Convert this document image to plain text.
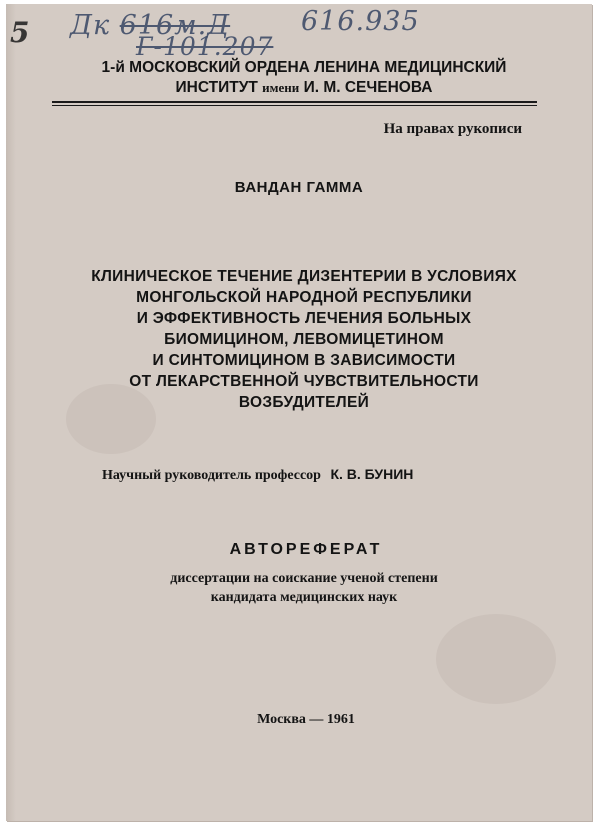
5 Дк 616м.Д	616.935
Г-101.207
1-й МОСКОВСКИЙ ОРДЕНА ЛЕНИНА МЕДИЦИНСКИЙ
ИНСТИТУТ имени И. М. СЕЧЕНОВА
На правах рукописи
ВАНДАН ГАММА
КЛИНИЧЕСКОЕ ТЕЧЕНИЕ ДИЗЕНТЕРИИ В УСЛОВИЯХ
МОНГОЛЬСКОЙ НАРОДНОЙ РЕСПУБЛИКИ
И ЭФФЕКТИВНОСТЬ ЛЕЧЕНИЯ БОЛЬНЫХ
БИОМИЦИНОМ, ЛЕВОМИЦЕТИНОМ
И СИНТОМИЦИНОМ В ЗАВИСИМОСТИ
ОТ ЛЕКАРСТВЕННОЙ ЧУВСТВИТЕЛЬНОСТИ
ВОЗБУДИТЕЛЕЙ
Научный руководитель профессор К. В. БУНИН
АВТОРЕФЕРАТ
диссертации на соискание ученой степени
кандидата медицинских наук
Москва — 1961
